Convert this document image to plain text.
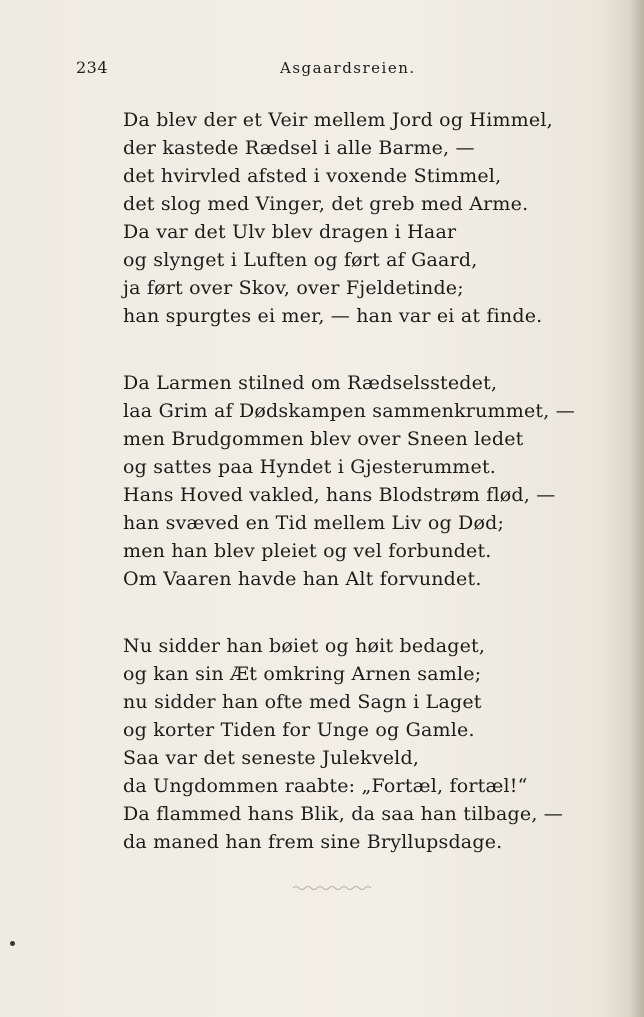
234	Asgaardsreien.
Da blev der et Veir mellem Jord og Himmel,
der kastede Rædsel i alle Barme, —
det hvirvled afsted i voxende Stimmel,
det slog med Vinger, det greb med Arme.
Da var det Ulv blev dragen i Haar
og slynget i Luften og ført af Gaard,
ja ført over Skov, over Fjeldetinde;
han spurgtes ei mer, — han var ei at finde.
Da Larmen stilned om Rædselsstedet,
laa Grim af Dødskampen sammenkrummet, —
men Brudgommen blev over Sneen ledet
og sattes paa Hyndet i Gjesterummet.
Hans Hoved vakled, hans Blodstrøm flød, —
han svæved en Tid mellem Liv og Død;
men han blev pleiet og vel forbundet.
Om Vaaren havde han Alt forvundet.
Nu sidder han bøiet og høit bedaget,
og kan sin Æt omkring Arnen samle;
nu sidder han ofte med Sagn i Laget
og korter Tiden for Unge og Gamle.
Saa var det seneste Julekveld,
da Ungdommen raabte: „Fortæl, fortæl!“
Da flammed hans Blik, da saa han tilbage, —
da maned han frem sine Bryllupsdage.
